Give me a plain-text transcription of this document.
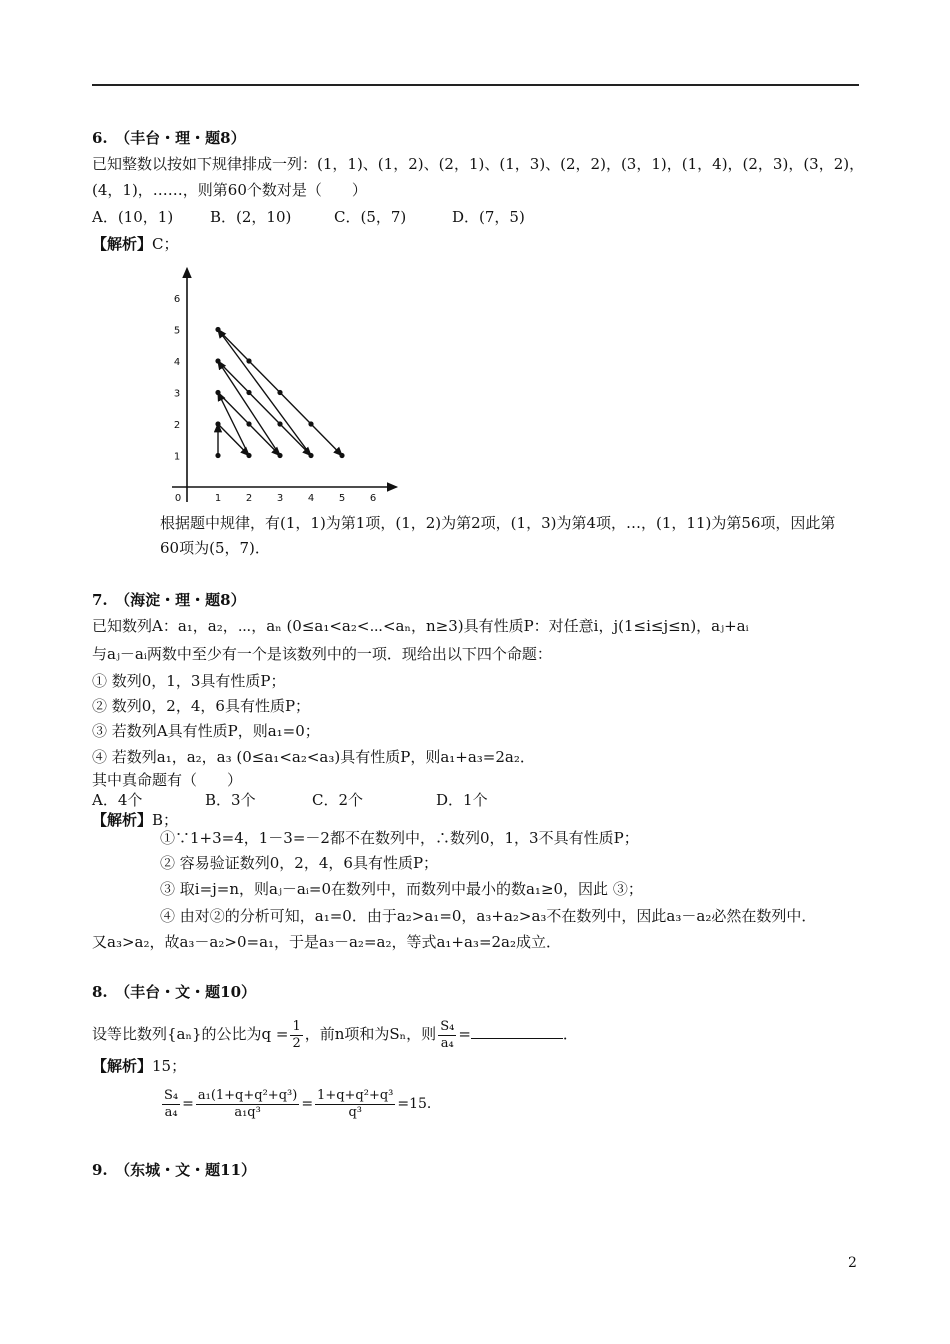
6.　（丰台・理・题8）
已知整数以按如下规律排成一列：(1，1)、(1，2)、(2，1)、(1，3)、(2，2)，(3，1)，(1，4)，(2，3)，(3，2)，
(4，1)，……，则第60个数对是（　　）
A．(10，1) B．(2，10)	C．(5，7)	D．(7，5)
【解析】C；
0	1 2 3 4 5 6
1
2
3
4
5
6
根据题中规律，有(1，1)为第1项，(1，2)为第2项，(1，3)为第4项，…，(1，11)为第56项，因此第
60项为(5，7)．
7.　（海淀・理・题8）
已知数列A：a₁，a₂，⋯，aₙ (0≤a₁<a₂<⋯<aₙ，n≥3)具有性质P：对任意i，j(1≤i≤j≤n)，aⱼ+aᵢ
与aⱼ－aᵢ两数中至少有一个是该数列中的一项．现给出以下四个命题：
① 数列0，1，3具有性质P；
② 数列0，2，4，6具有性质P；
③ 若数列A具有性质P，则a₁=0；
④ 若数列a₁，a₂，a₃ (0≤a₁<a₂<a₃)具有性质P，则a₁+a₃=2a₂．
其中真命题有（　　）
A．4个	B．3个	C．2个	D．1个
【解析】B；
①∵1+3=4，1－3=－2都不在数列中，∴数列0，1，3不具有性质P；
② 容易验证数列0，2，4，6具有性质P；
③ 取i=j=n，则aⱼ－aᵢ=0在数列中，而数列中最小的数a₁≥0，因此 ③；
④ 由对②的分析可知，a₁=0．由于a₂>a₁=0，a₃+a₂>a₃不在数列中，因此a₃－a₂必然在数列中．
又a₃>a₂，故a₃－a₂>0=a₁，于是a₃－a₂=a₂，等式a₁+a₃=2a₂成立．
8.　（丰台・文・题10）
设等比数列{aₙ}的公比为$q = \frac{1}{2}$ ，前n项和为Sₙ，则 $\frac{\text{S₄}}{\text{a₄}}$ =	．
【解析】15；
$\frac{\text{S₄}}{\text{a₄}} = \frac{\text{a₁(1+q+q²+q³)}}{\text{a₁q³}} = \frac{\text{1+q+q²+q³}}{\text{q³}} =15$．
9.　（东城・文・题11）
2
